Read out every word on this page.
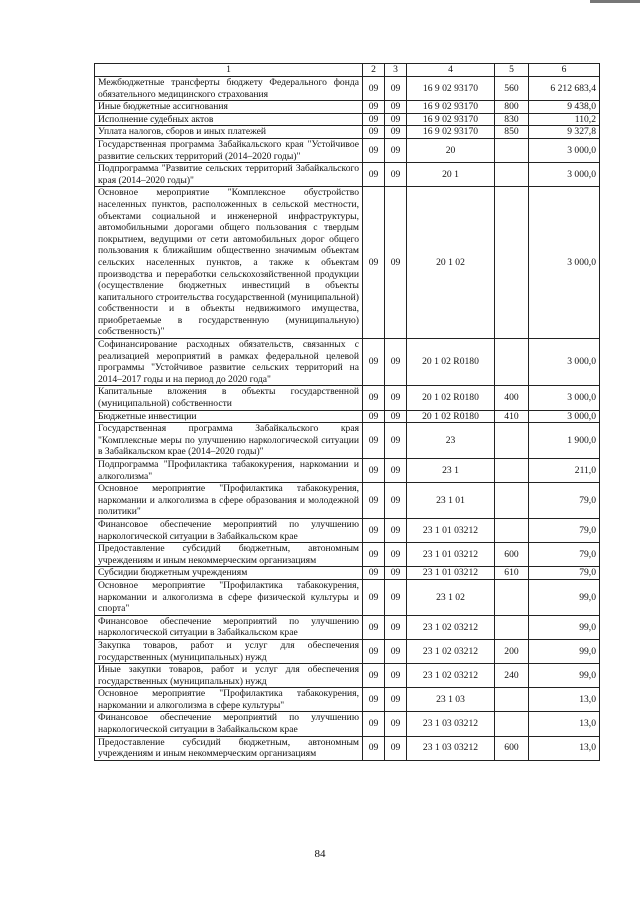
1	2	3	4	5	6
Межбюджетные трансферты бюджету Федерального фонда обязательного медицинского страхования	09	09	16 9 02 93170	560	6 212 683,4
Иные бюджетные ассигнования	09	09	16 9 02 93170	800	9 438,0
Исполнение судебных актов	09	09	16 9 02 93170	830	110,2
Уплата налогов, сборов и иных платежей	09	09	16 9 02 93170	850	9 327,8
Государственная программа Забайкальского края "Устойчивое развитие сельских территорий (2014–2020 годы)"	09	09	20		3 000,0
Подпрограмма "Развитие сельских территорий Забайкальского края (2014–2020 годы)"	09	09	20 1		3 000,0
Основное мероприятие "Комплексное обустройство населенных пунктов, расположенных в сельской местности, объектами социальной и инженерной инфраструктуры, автомобильными дорогами общего пользования с твердым покрытием, ведущими от сети автомобильных дорог общего пользования к ближайшим общественно значимым объектам сельских населенных пунктов, а также к объектам производства и переработки сельскохозяйственной продукции (осуществление бюджетных инвестиций в объекты капитального строительства государственной (муниципальной) собственности и в объекты недвижимого имущества, приобретаемые в государственную (муниципальную) собственность)"	09	09	20 1 02		3 000,0
Софинансирование расходных обязательств, связанных с реализацией мероприятий в рамках федеральной целевой программы "Устойчивое развитие сельских территорий на 2014–2017 годы и на период до 2020 года"	09	09	20 1 02 R0180		3 000,0
Капитальные вложения в объекты государственной (муниципальной) собственности	09	09	20 1 02 R0180	400	3 000,0
Бюджетные инвестиции	09	09	20 1 02 R0180	410	3 000,0
Государственная программа Забайкальского края "Комплексные меры по улучшению наркологической ситуации в Забайкальском крае (2014–2020 годы)"	09	09	23		1 900,0
Подпрограмма "Профилактика табакокурения, наркомании и алкоголизма"	09	09	23 1		211,0
Основное мероприятие "Профилактика табакокурения, наркомании и алкоголизма в сфере образования и молодежной политики"	09	09	23 1 01		79,0
Финансовое обеспечение мероприятий по улучшению наркологической ситуации в Забайкальском крае	09	09	23 1 01 03212		79,0
Предоставление субсидий бюджетным, автономным учреждениям и иным некоммерческим организациям	09	09	23 1 01 03212	600	79,0
Субсидии бюджетным учреждениям	09	09	23 1 01 03212	610	79,0
Основное мероприятие "Профилактика табакокурения, наркомании и алкоголизма в сфере физической культуры и спорта"	09	09	23 1 02		99,0
Финансовое обеспечение мероприятий по улучшению наркологической ситуации в Забайкальском крае	09	09	23 1 02 03212		99,0
Закупка товаров, работ и услуг для обеспечения государственных (муниципальных) нужд	09	09	23 1 02 03212	200	99,0
Иные закупки товаров, работ и услуг для обеспечения государственных (муниципальных) нужд	09	09	23 1 02 03212	240	99,0
Основное мероприятие "Профилактика табакокурения, наркомании и алкоголизма в сфере культуры"	09	09	23 1 03		13,0
Финансовое обеспечение мероприятий по улучшению наркологической ситуации в Забайкальском крае	09	09	23 1 03 03212		13,0
Предоставление субсидий бюджетным, автономным учреждениям и иным некоммерческим организациям	09	09	23 1 03 03212	600	13,0
84
